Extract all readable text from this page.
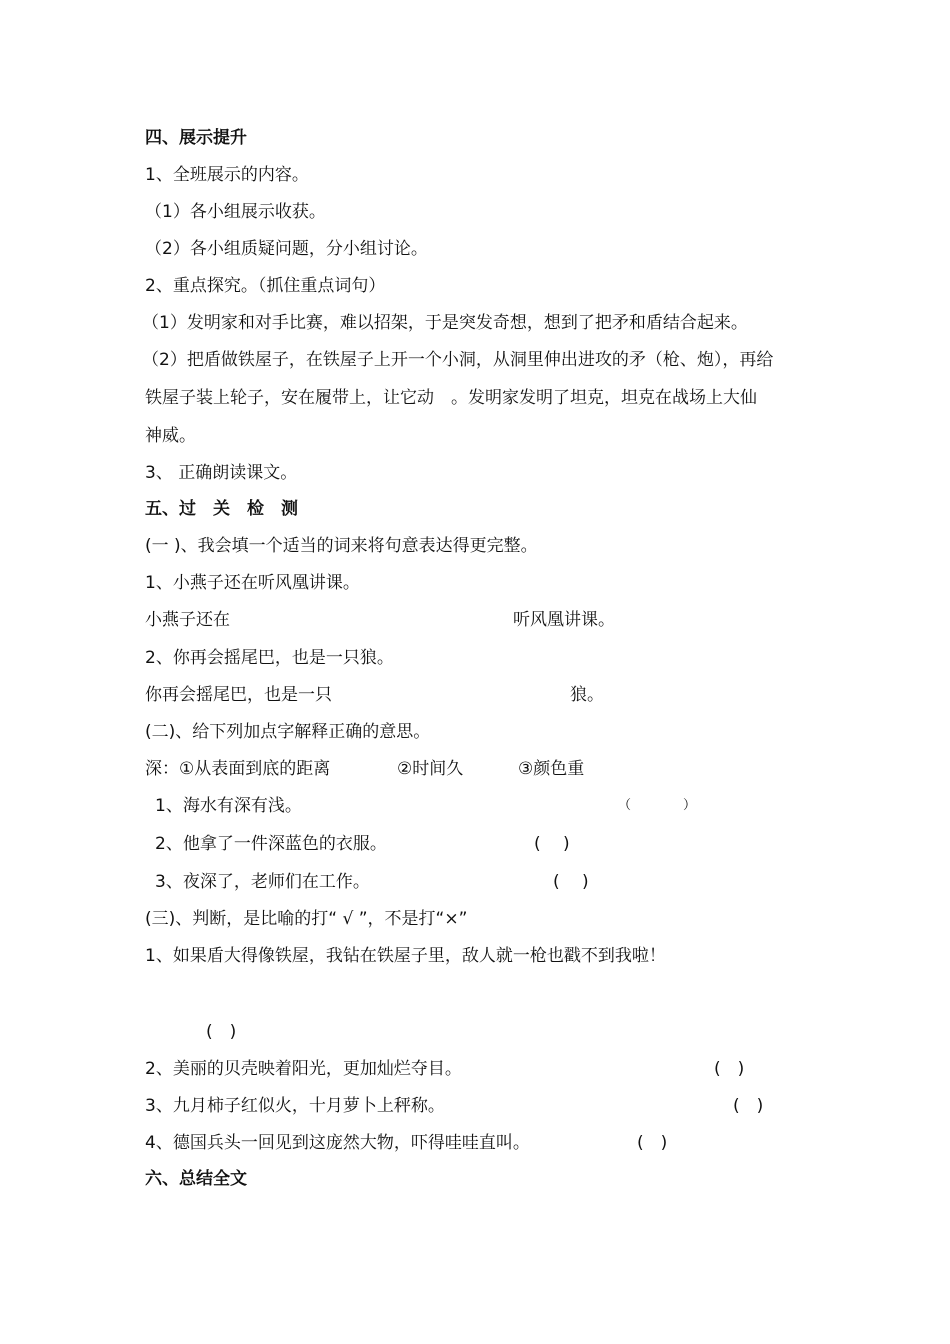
四、展示提升
1、全班展示的内容。
（1）各小组展示收获。
（2）各小组质疑问题，分小组讨论。
2、重点探究。（抓住重点词句）
（1）发明家和对手比赛，难以招架，于是突发奇想，想到了把矛和盾结合起来。
（2）把盾做铁屋子，在铁屋子上开一个小洞，从洞里伸出进攻的矛（枪、炮），再给
铁屋子装上轮子，安在履带上，让它动　。发明家发明了坦克，坦克在战场上大仙
神威。
3、 正确朗读课文。
五、过　关　检　测
(一 )、我会填一个适当的词来将句意表达得更完整。
1、小燕子还在听风凰讲课。
小燕子还在	听风凰讲课。
2、你再会摇尾巴，也是一只狼。
你再会摇尾巴，也是一只	狼。
(二)、给下列加点字解释正确的意思。
深：①从表面到底的距离	②时间久	③颜色重
1、海水有深有浅。	（　　　　）
2、他拿了一件深蓝色的衣服。	(　 )
3、夜深了，老师们在工作。	(　 )
(三)、判断，是比喻的打“ √ ”，不是打“×”
1、如果盾大得像铁屋，我钻在铁屋子里，敌人就一枪也戳不到我啦！
(　)
2、美丽的贝壳映着阳光，更加灿烂夺目。	(　)
3、九月柿子红似火，十月萝卜上秤称。	(　)
4、德国兵头一回见到这庞然大物，吓得哇哇直叫。	(　)
六、总结全文
